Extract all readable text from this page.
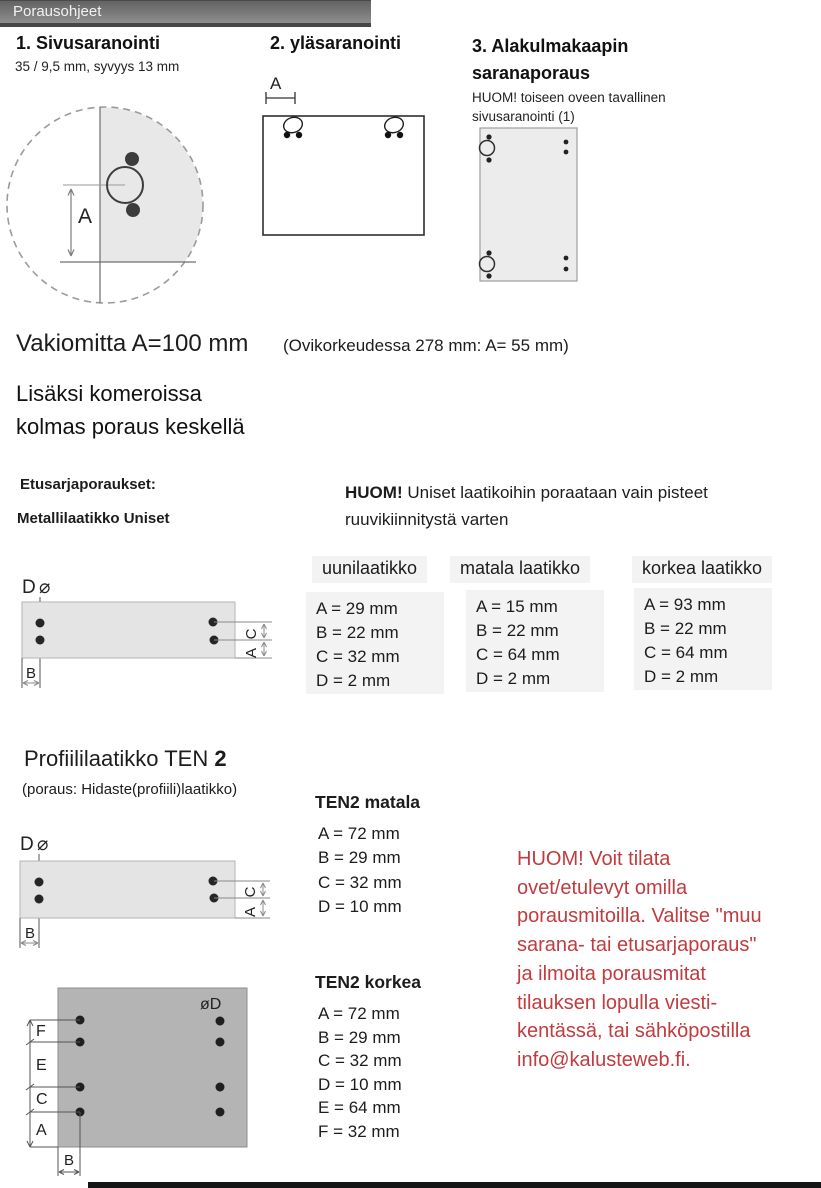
Porausohjeet
1. Sivusaranointi
35 / 9,5 mm, syvyys 13 mm
A
2. yläsaranointi
A
3. Alakulmakaapin
saranaporaus
HUOM! toiseen oveen tavallinen
sivusaranointi (1)
Vakiomitta A=100 mm (Ovikorkeudessa 278 mm: A= 55 mm)
Lisäksi komeroissa
kolmas poraus keskellä
Etusarjaporaukset:
Metallilaatikko Uniset
HUOM! Uniset laatikoihin poraataan vain pisteet ruuvikiinnitystä varten
uunilaatikko	matala laatikko	korkea laatikko
A = 29 mm
B = 22 mm
C = 32 mm
D = 2 mm
A = 15 mm
B = 22 mm
C = 64 mm
D = 2 mm
A = 93 mm
B = 22 mm
C = 64 mm
D = 2 mm
D ⌀
C
A
B
Profiililaatikko TEN 2
(poraus: Hidaste(profiili)laatikko)
TEN2 matala
A = 72 mm
B = 29 mm
C = 32 mm
D = 10 mm
D ⌀
C
A
B
TEN2 korkea
A = 72 mm
B = 29 mm
C = 32 mm
D = 10 mm
E = 64 mm
F = 32 mm
øD
F
E
C
A
B
HUOM! Voit tilata
ovet/etulevyt omilla
porausmitoilla. Valitse "muu
sarana- tai etusarjaporaus"
ja ilmoita porausmitat
tilauksen lopulla viesti-
kentässä, tai sähköpostilla
info@kalusteweb.fi.
